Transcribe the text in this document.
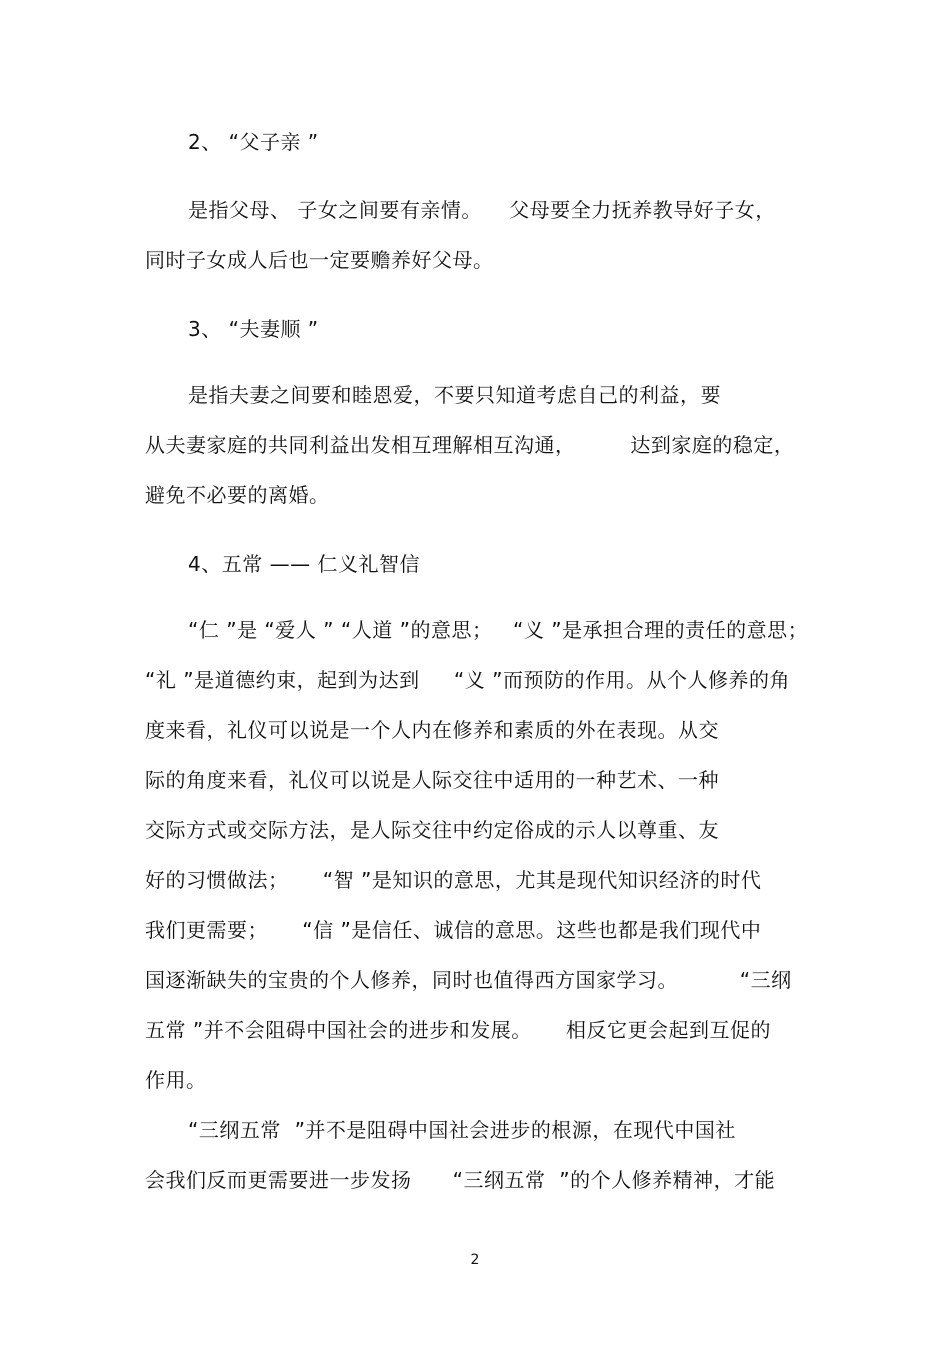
2、 “父子亲 ”
是指父母、 子女之间要有亲情。    父母要全力抚养教导好子女，
同时子女成人后也一定要赡养好父母。
3、 “夫妻顺 ”
是指夫妻之间要和睦恩爱，不要只知道考虑自己的利益，要
从夫妻家庭的共同利益出发相互理解相互沟通，        达到家庭的稳定，
避免不必要的离婚。
4、五常 —— 仁义礼智信
“仁 ”是 “爱人 ” “人道 ”的意思；   “义 ”是承担合理的责任的意思；
“礼 ”是道德约束，起到为达到     “义 ”而预防的作用。从个人修养的角
度来看，礼仪可以说是一个人内在修养和素质的外在表现。从交
际的角度来看，礼仪可以说是人际交往中适用的一种艺术、一种
交际方式或交际方法，是人际交往中约定俗成的示人以尊重、友
好的习惯做法；     “智 ”是知识的意思，尤其是现代知识经济的时代
我们更需要；     “信 ”是信任、诚信的意思。这些也都是我们现代中
国逐渐缺失的宝贵的个人修养，同时也值得西方国家学习。         “三纲
五常 ”并不会阻碍中国社会的进步和发展。     相反它更会起到互促的
作用。
“三纲五常  ”并不是阻碍中国社会进步的根源，在现代中国社
会我们反而更需要进一步发扬      “三纲五常  ”的个人修养精神，才能
2
